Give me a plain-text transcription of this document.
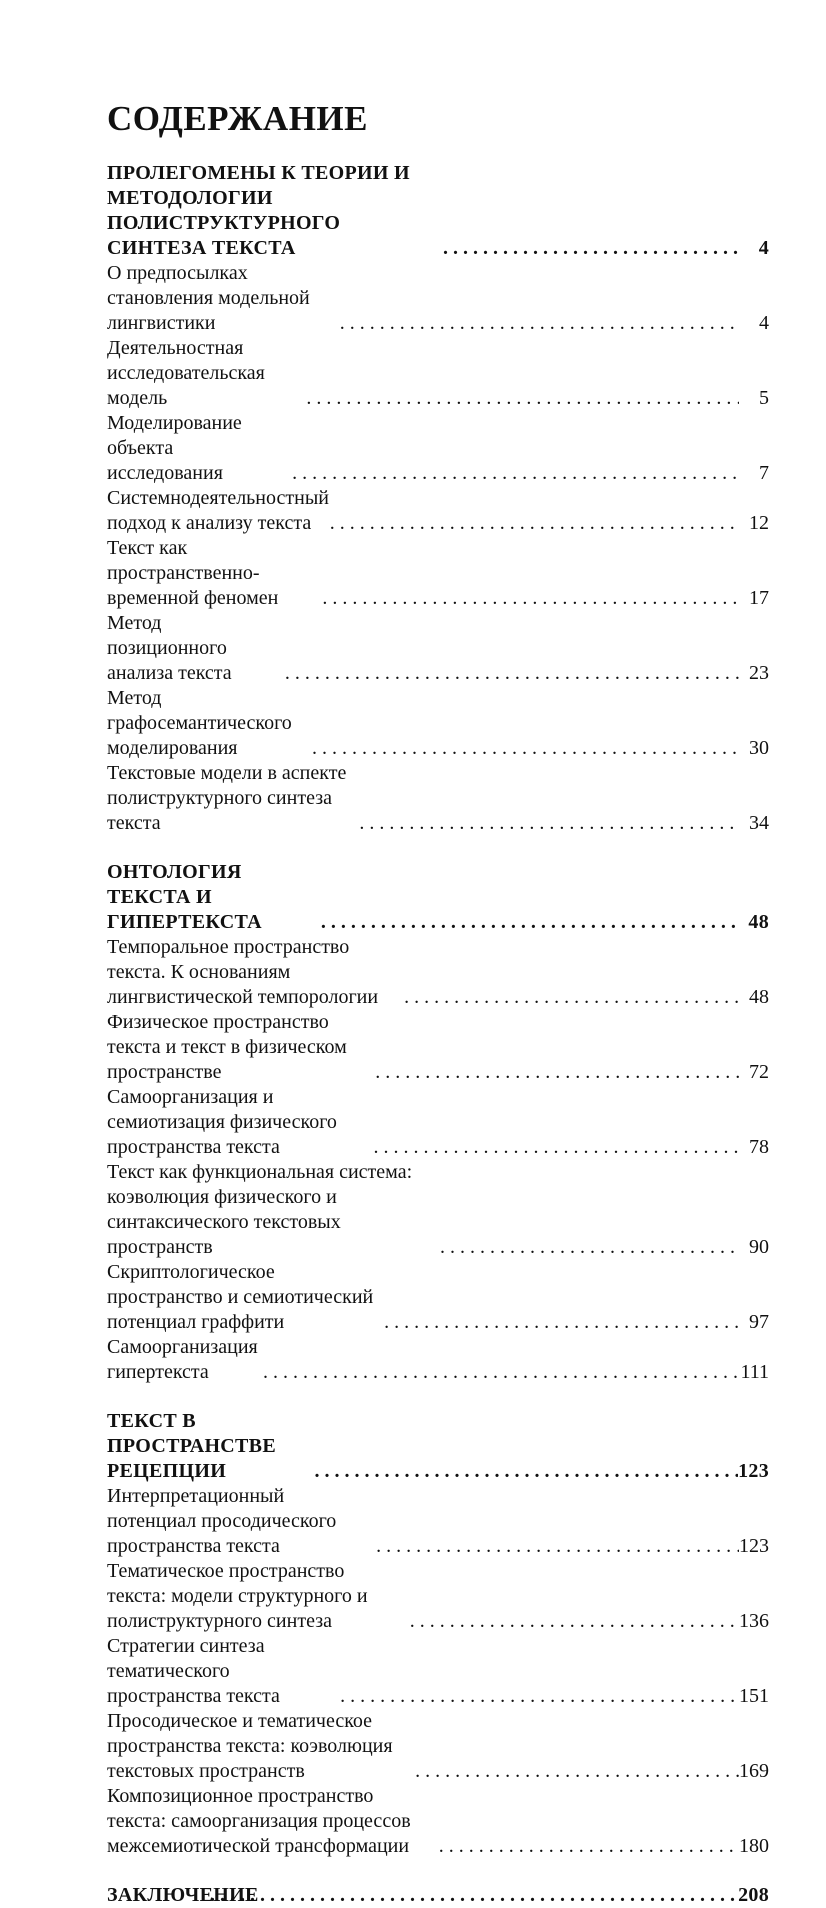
СОДЕРЖАНИЕ
ПРОЛЕГОМЕНЫ К ТЕОРИИ И МЕТОДОЛОГИИ ПОЛИСТРУКТУРНОГО СИНТЕЗА ТЕКСТА . . .	4
О предпосылках становления модельной лингвистики . . .	4
Деятельностная исследовательская модель . . .	5
Моделирование объекта исследования . . .	7
Системнодеятельностный подход к анализу текста . . .	12
Текст как пространственно-временной феномен . . .	17
Метод позиционного анализа текста . . .	23
Метод графосемантического моделирования . . .	30
Текстовые модели в аспекте полиструктурного синтеза текста . . .	34
ОНТОЛОГИЯ ТЕКСТА И ГИПЕРТЕКСТА . . .	48
Темпоральное пространство текста. К основаниям лингвистической темпорологии . . .	48
Физическое пространство текста и текст в физическом пространстве . . .	72
Самоорганизация и семиотизация физического пространства текста . . .	78
Текст как функциональная система: коэволюция физического и синтаксического текстовых пространств . . .	90
Скриптологическое пространство и семиотический потенциал граффити . . .	97
Самоорганизация гипертекста . . .	111
ТЕКСТ В ПРОСТРАНСТВЕ РЕЦЕПЦИИ . . .	123
Интерпретационный потенциал просодического пространства текста . . .	123
Тематическое пространство текста: модели структурного и полиструктурного синтеза . . .	136
Стратегии синтеза тематического пространства текста . . .	151
Просодическое и тематическое пространства текста: коэволюция текстовых пространств . . .	169
Композиционное пространство текста: самоорганизация процессов межсемиотической трансформации . . .	180
ЗАКЛЮЧЕНИЕ . . .	208
